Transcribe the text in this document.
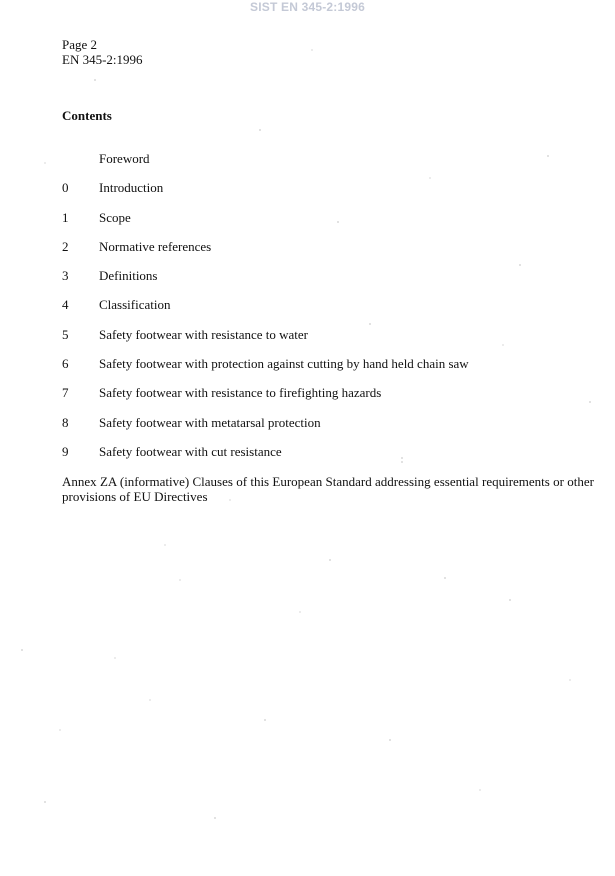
SIST EN 345-2:1996
Page 2
EN 345-2:1996
Contents
Foreword
0 Introduction
1 Scope
2 Normative references
3 Definitions
4 Classification
5 Safety footwear with resistance to water
6 Safety footwear with protection against cutting by hand held chain saw
7 Safety footwear with resistance to firefighting hazards
8 Safety footwear with metatarsal protection
9 Safety footwear with cut resistance
Annex ZA (informative) Clauses of this European Standard addressing essential requirements or other provisions of EU Directives
